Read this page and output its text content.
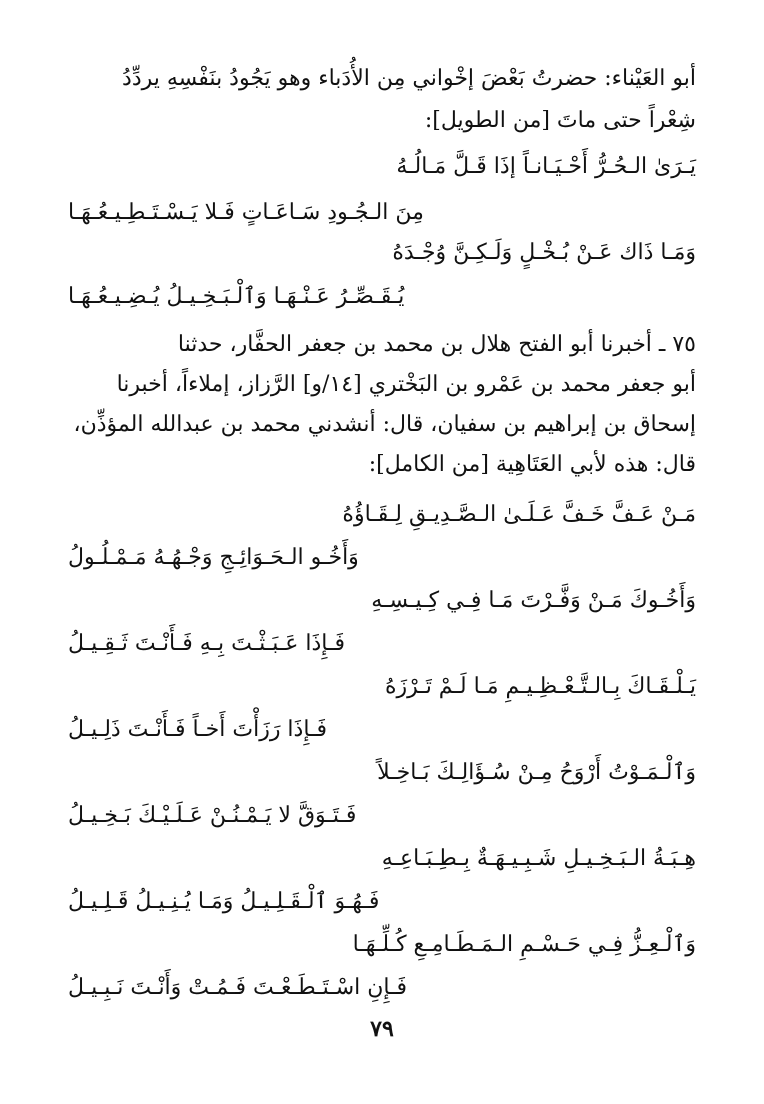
أبو العَيْناء: حضرتُ بَعْضَ إخْواني مِن الأُدَباء وهو يَجُودُ بنَفْسِهِ يردِّدُ
شِعْراً حتى ماتَ [من الطويل]:
يَـرَىٰ الـحُـرُّ أَحْـيَـانـاً إذَا قَـلَّ مَـالُـهُ
مِنَ الـجُـودِ سَـاعَـاتٍ فَـلا يَـسْـتَـطِـيـعُـهَـا
وَمَـا ذَاك عَـنْ بُـخْـلٍ وَلَـكِـنَّ وُجْـدَهُ
يُـقَـصِّـرُ عَـنْـهَـا وَٱلْـبَـخِـيـلُ يُـضِـيـعُـهَـا
٧٥ ـ أخبرنا أبو الفتح هلال بن محمد بن جعفر الحفَّار، حدثنا
أبو جعفر محمد بن عَمْرو بن البَخْتري [١٤/و] الرَّزاز، إملاءاً، أخبرنا
إسحاق بن إبراهيم بن سفيان، قال: أنشدني محمد بن عبدالله المؤذِّن،
قال: هذه لأبي العَتَاهِية [من الكامل]:
مَـنْ عَـفَّ خَـفَّ عَـلَـىٰ الـصَّـدِيـقِ لِـقَـاؤُهُ
وَأَخُـو الـحَـوَائِـجِ وَجْـهُـهُ مَـمْـلُـولُ
وَأَخُـوكَ مَـنْ وَفَّـرْتَ مَـا فِـي كِـيـسِـهِ
فَـإِذَا عَـبَـثْـتَ بِـهِ فَـأَنْـتَ ثَـقِـيـلُ
يَـلْـقَـاكَ بِـالـتَّـعْـظِـيـمِ مَـا لَـمْ تَـرْزَهُ
فَـإِذَا رَزَأْتَ أَخـاً فَـأَنْـتَ ذَلِـيـلُ
وَٱلْـمَـوْتُ أَرْوَحُ مِـنْ سُـؤَالِـكَ بَـاخِـلاً
فَـتَـوَقَّ لا يَـمْـنُـنْ عَـلَـيْـكَ بَـخِـيـلُ
هِـبَـةُ الـبَـخِـيـلِ شَـبِـيـهَـةٌ بِـطِـبَـاعِـهِ
فَـهُـوَ ٱلْـقَـلِـيـلُ وَمَـا يُـنِـيـلُ قَـلِـيـلُ
وَٱلْـعِـزُّ فِـي حَـسْـمِ الـمَـطَـامِـعِ كُـلِّـهَـا
فَـإِنِ اسْـتَـطَـعْـتَ فَـمُـتْ وَأَنْـتَ نَـبِـيـلُ
٧٩
